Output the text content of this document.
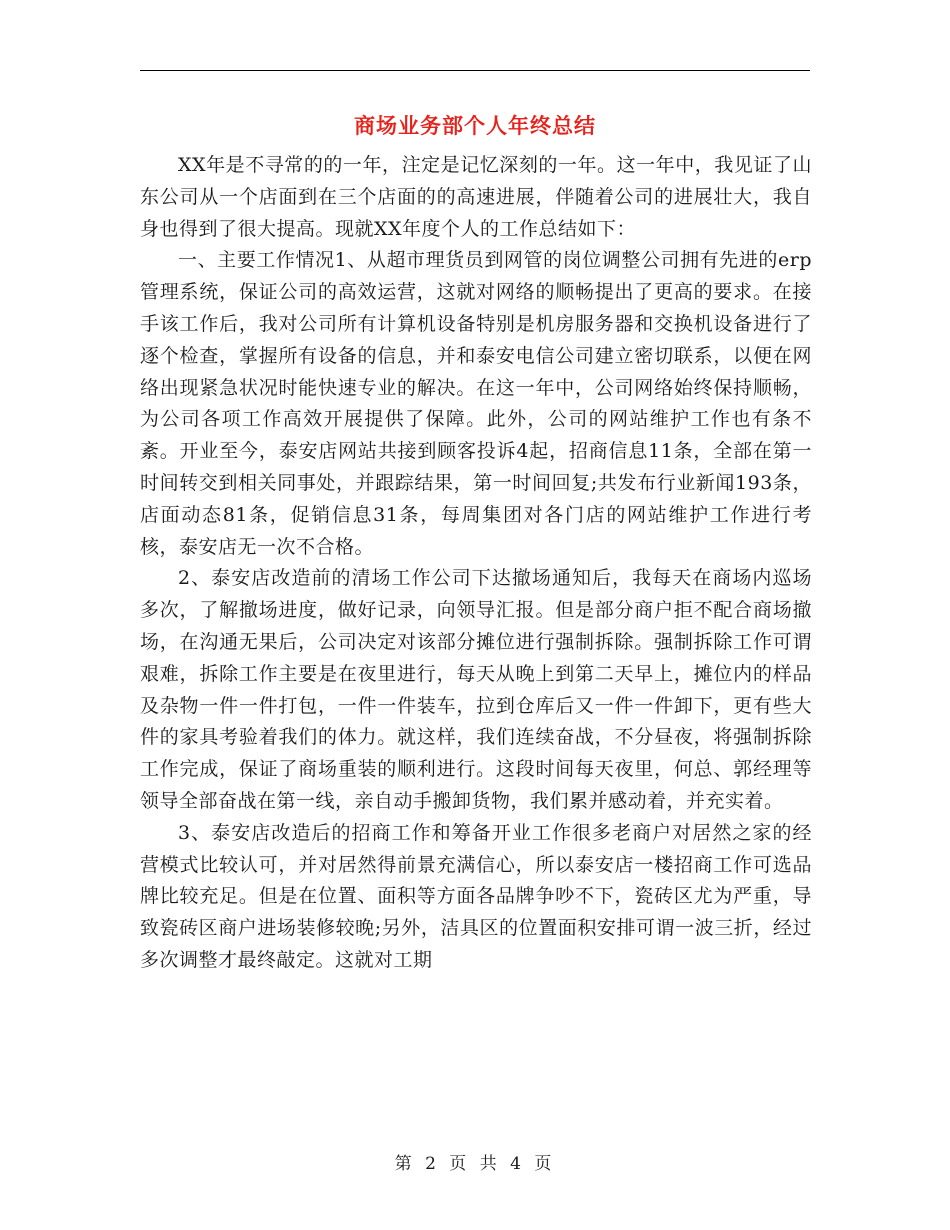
商场业务部个人年终总结

XX年是不寻常的的一年，注定是记忆深刻的一年。这一年中，我见证了山东公司从一个店面到在三个店面的的高速进展，伴随着公司的进展壮大，我自身也得到了很大提高。现就XX年度个人的工作总结如下：

一、主要工作情况1、从超市理货员到网管的岗位调整公司拥有先进的erp管理系统，保证公司的高效运营，这就对网络的顺畅提出了更高的要求。在接手该工作后，我对公司所有计算机设备特别是机房服务器和交换机设备进行了逐个检查，掌握所有设备的信息，并和泰安电信公司建立密切联系，以便在网络出现紧急状况时能快速专业的解决。在这一年中，公司网络始终保持顺畅，为公司各项工作高效开展提供了保障。此外，公司的网站维护工作也有条不紊。开业至今，泰安店网站共接到顾客投诉4起，招商信息11条，全部在第一时间转交到相关同事处，并跟踪结果，第一时间回复;共发布行业新闻193条，店面动态81条，促销信息31条，每周集团对各门店的网站维护工作进行考核，泰安店无一次不合格。

2、泰安店改造前的清场工作公司下达撤场通知后，我每天在商场内巡场多次，了解撤场进度，做好记录，向领导汇报。但是部分商户拒不配合商场撤场，在沟通无果后，公司决定对该部分摊位进行强制拆除。强制拆除工作可谓艰难，拆除工作主要是在夜里进行，每天从晚上到第二天早上，摊位内的样品及杂物一件一件打包，一件一件装车，拉到仓库后又一件一件卸下，更有些大件的家具考验着我们的体力。就这样，我们连续奋战，不分昼夜，将强制拆除工作完成，保证了商场重装的顺利进行。这段时间每天夜里，何总、郭经理等领导全部奋战在第一线，亲自动手搬卸货物，我们累并感动着，并充实着。

3、泰安店改造后的招商工作和筹备开业工作很多老商户对居然之家的经营模式比较认可，并对居然得前景充满信心，所以泰安店一楼招商工作可选品牌比较充足。但是在位置、面积等方面各品牌争吵不下，瓷砖区尤为严重，导致瓷砖区商户进场装修较晚;另外，洁具区的位置面积安排可谓一波三折，经过多次调整才最终敲定。这就对工期

第 2 页 共 4 页
